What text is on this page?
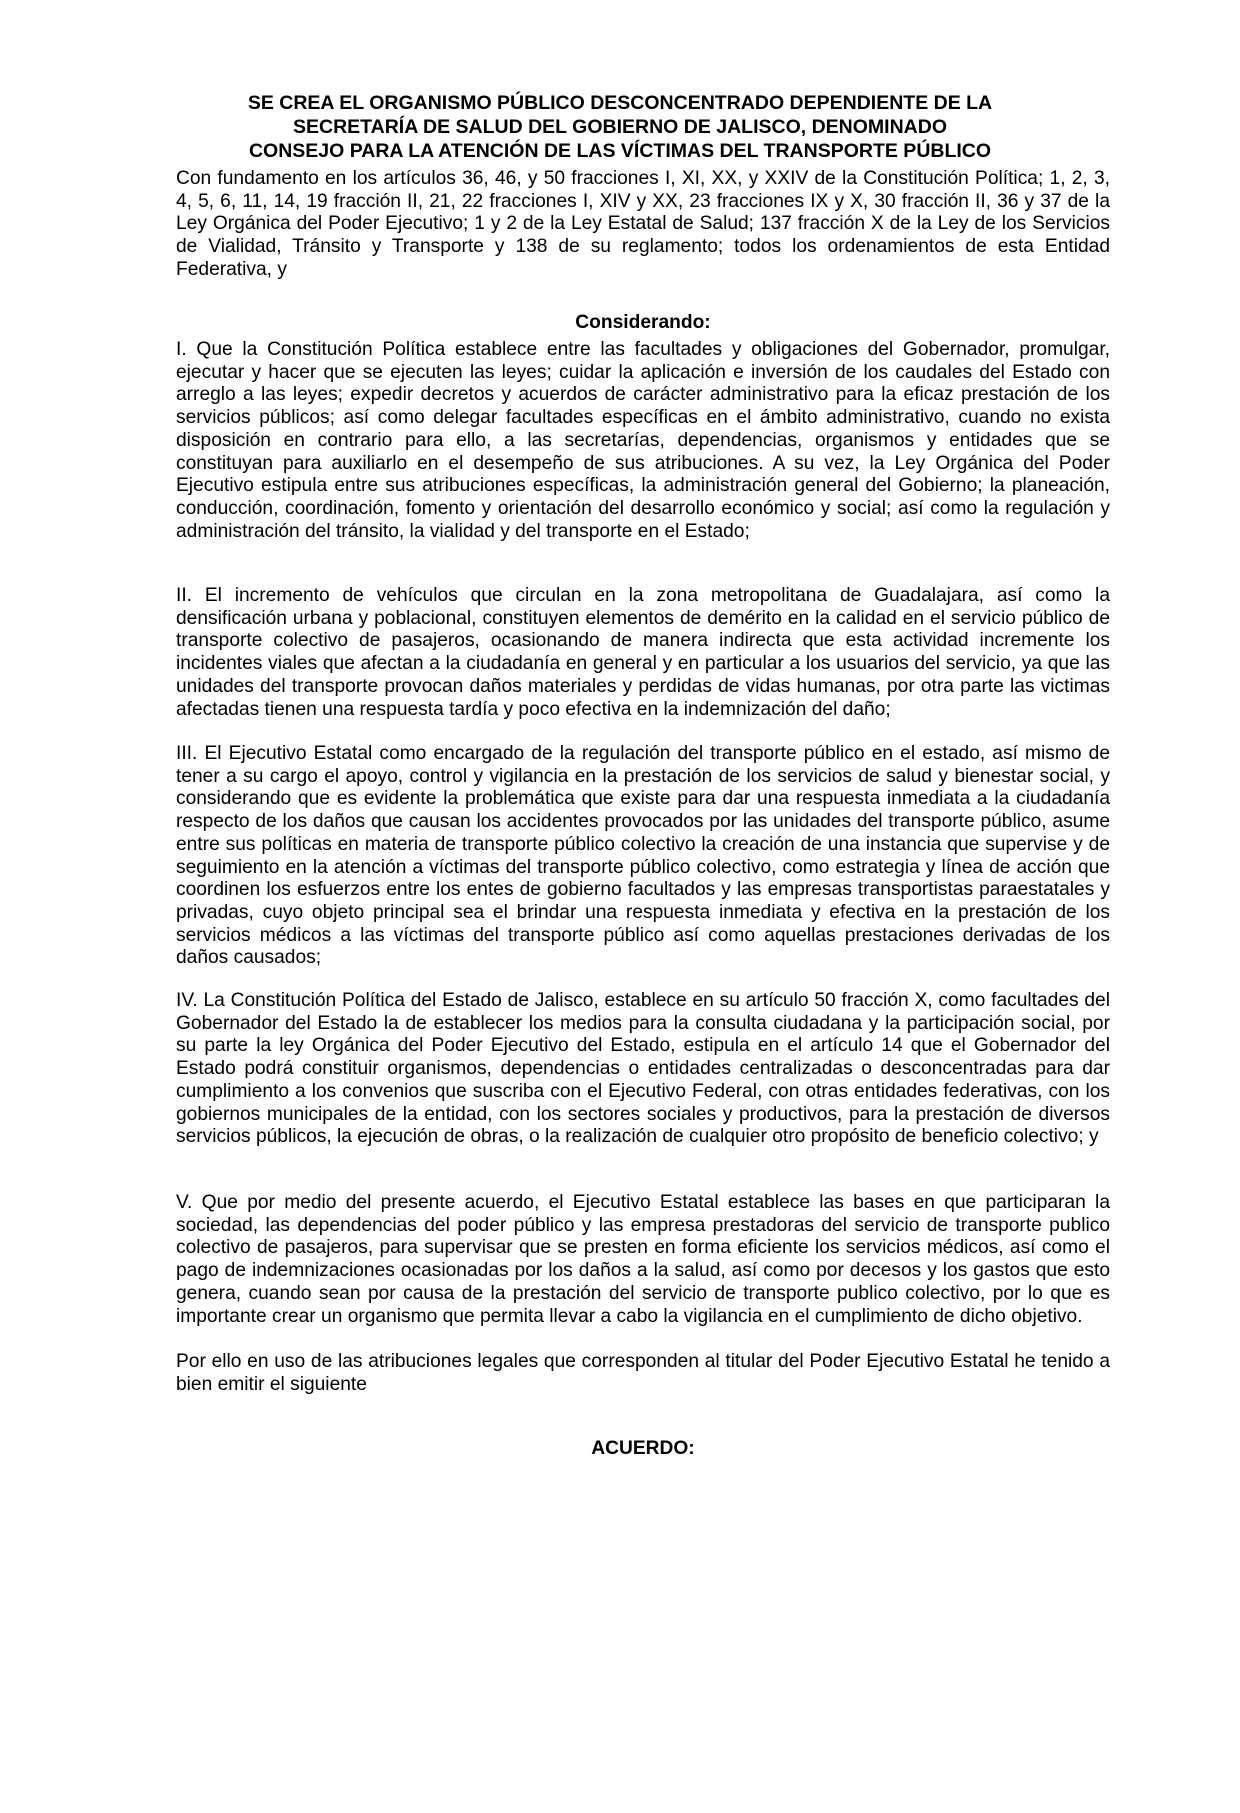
SE CREA EL ORGANISMO PÚBLICO DESCONCENTRADO DEPENDIENTE DE LA
SECRETARÍA DE SALUD DEL GOBIERNO DE JALISCO, DENOMINADO
CONSEJO PARA LA ATENCIÓN DE LAS VÍCTIMAS DEL TRANSPORTE PÚBLICO

Con fundamento en los artículos 36, 46, y 50 fracciones I, XI, XX, y XXIV de la Constitución Política; 1, 2, 3, 4, 5, 6, 11, 14, 19 fracción II, 21, 22 fracciones I, XIV y XX, 23 fracciones IX y X, 30 fracción II, 36 y 37 de la Ley Orgánica del Poder Ejecutivo; 1 y 2 de la Ley Estatal de Salud; 137 fracción X de la Ley de los Servicios de Vialidad, Tránsito y Transporte y 138 de su reglamento; todos los ordenamientos de esta Entidad Federativa, y

Considerando:

I. Que la Constitución Política establece entre las facultades y obligaciones del Gobernador, promulgar, ejecutar y hacer que se ejecuten las leyes; cuidar la aplicación e inversión de los caudales del Estado con arreglo a las leyes; expedir decretos y acuerdos de carácter administrativo para la eficaz prestación de los servicios públicos; así como delegar facultades específicas en el ámbito administrativo, cuando no exista disposición en contrario para ello, a las secretarías, dependencias, organismos y entidades que se constituyan para auxiliarlo en el desempeño de sus atribuciones. A su vez, la Ley Orgánica del Poder Ejecutivo estipula entre sus atribuciones específicas, la administración general del Gobierno; la planeación, conducción, coordinación, fomento y orientación del desarrollo económico y social; así como la regulación y administración del tránsito, la vialidad y del transporte en el Estado;

II. El incremento de vehículos que circulan en la zona metropolitana de Guadalajara, así como la densificación urbana y poblacional, constituyen elementos de demérito en la calidad en el servicio público de transporte colectivo de pasajeros, ocasionando de manera indirecta que esta actividad incremente los incidentes viales que afectan a la ciudadanía en general y en particular a los usuarios del servicio, ya que las unidades del transporte provocan daños materiales y perdidas de vidas humanas, por otra parte las victimas afectadas tienen una respuesta tardía y poco efectiva en la indemnización del daño;

III. El Ejecutivo Estatal como encargado de la regulación del transporte público en el estado, así mismo de tener a su cargo el apoyo, control y vigilancia en la prestación de los servicios de salud y bienestar social, y considerando que es evidente la problemática que existe para dar una respuesta inmediata a la ciudadanía respecto de los daños que causan los accidentes provocados por las unidades del transporte público, asume entre sus políticas en materia de transporte público colectivo la creación de una instancia que supervise y de seguimiento en la atención a víctimas del transporte público colectivo, como estrategia y línea de acción que coordinen los esfuerzos entre los entes de gobierno facultados y las empresas transportistas paraestatales y privadas, cuyo objeto principal sea el brindar una respuesta inmediata y efectiva en la prestación de los servicios médicos a las víctimas del transporte público así como aquellas prestaciones derivadas de los daños causados;

IV. La Constitución Política del Estado de Jalisco, establece en su artículo 50 fracción X, como facultades del Gobernador del Estado la de establecer los medios para la consulta ciudadana y la participación social, por su parte la ley Orgánica del Poder Ejecutivo del Estado, estipula en el artículo 14 que el Gobernador del Estado podrá constituir organismos, dependencias o entidades centralizadas o desconcentradas para dar cumplimiento a los convenios que suscriba con el Ejecutivo Federal, con otras entidades federativas, con los gobiernos municipales de la entidad, con los sectores sociales y productivos, para la prestación de diversos servicios públicos, la ejecución de obras, o la realización de cualquier otro propósito de beneficio colectivo; y

V. Que por medio del presente acuerdo, el Ejecutivo Estatal establece las bases en que participaran la sociedad, las dependencias del poder público y las empresa prestadoras del servicio de transporte publico colectivo de pasajeros, para supervisar que se presten en forma eficiente los servicios médicos, así como el pago de indemnizaciones ocasionadas por los daños a la salud, así como por decesos y los gastos que esto genera, cuando sean por causa de la prestación del servicio de transporte publico colectivo, por lo que es importante crear un organismo que permita llevar a cabo la vigilancia en el cumplimiento de dicho objetivo.

Por ello en uso de las atribuciones legales que corresponden al titular del Poder Ejecutivo Estatal he tenido a bien emitir el siguiente

ACUERDO:
